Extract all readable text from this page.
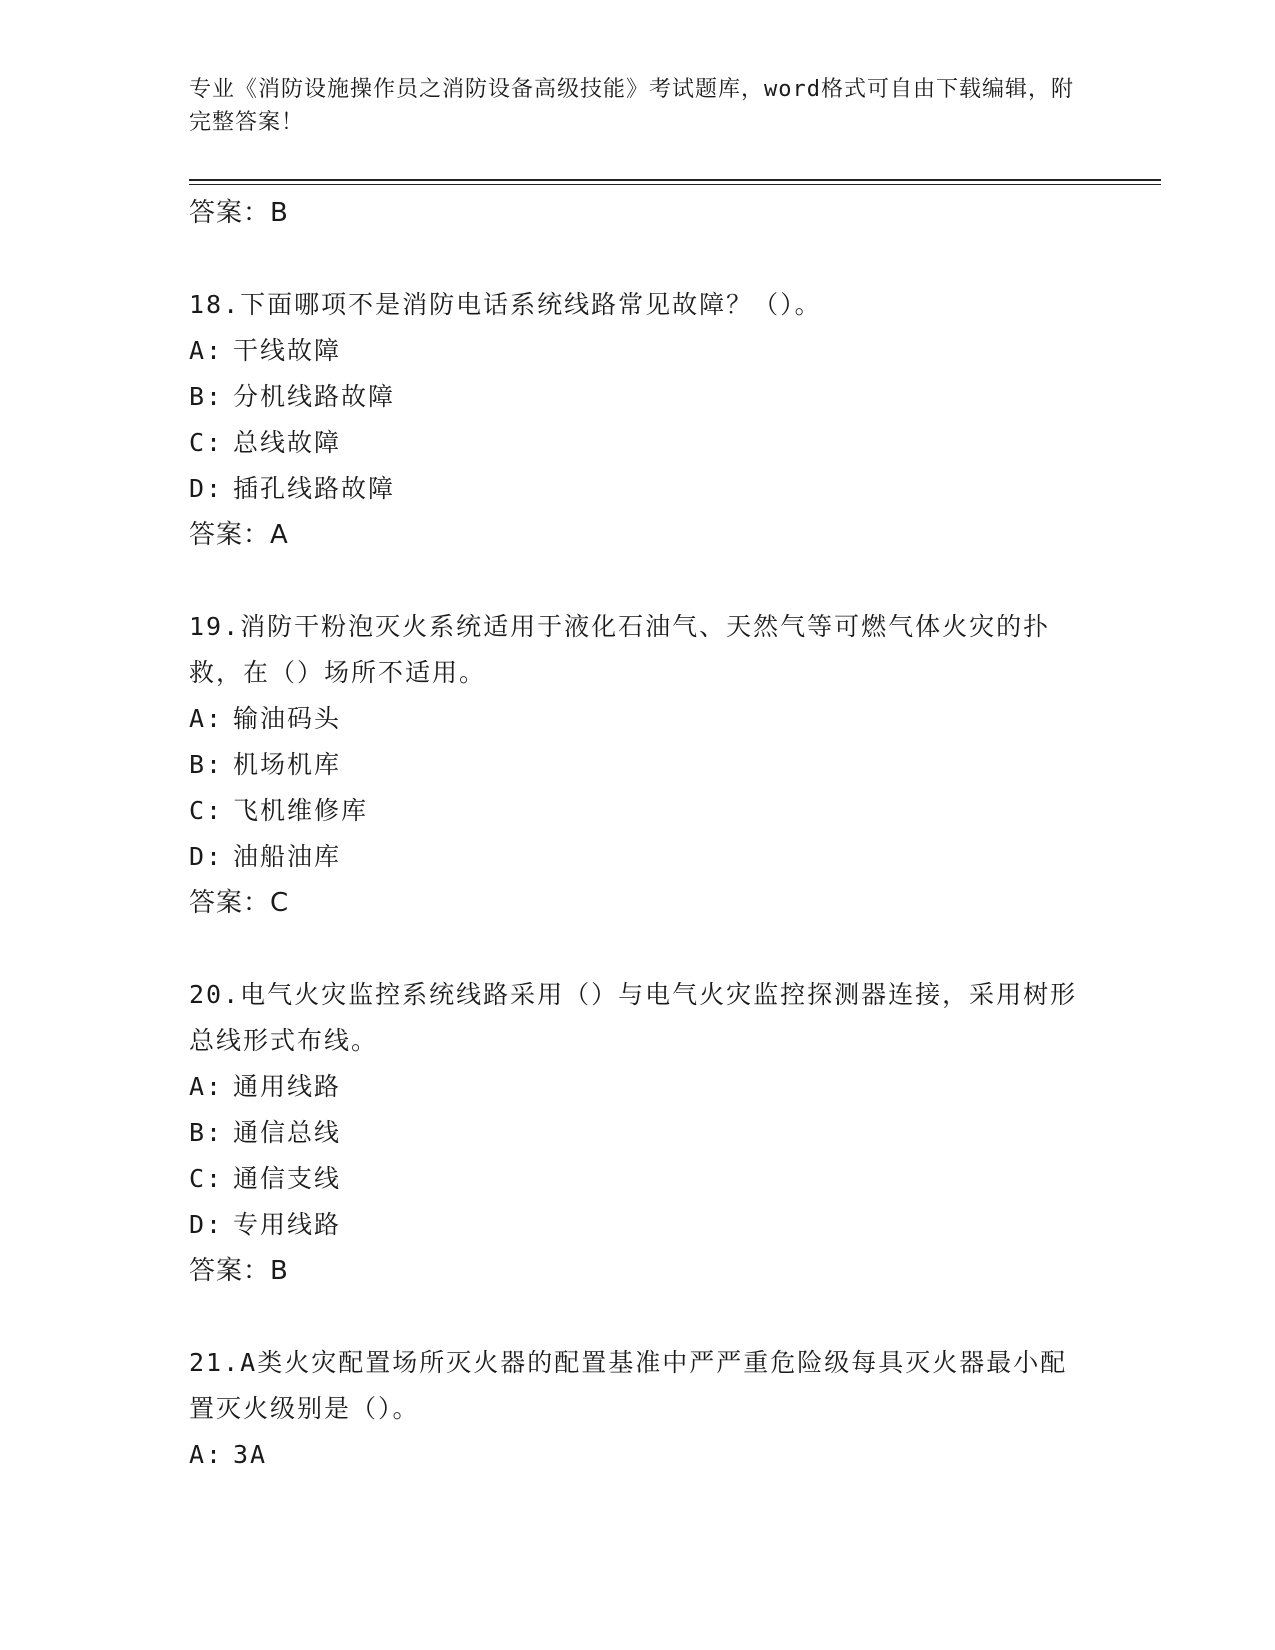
专业《消防设施操作员之消防设备高级技能》考试题库，word格式可自由下载编辑，附完整答案！
答案：B
18.下面哪项不是消防电话系统线路常见故障？（）。
A: 干线故障
B: 分机线路故障
C: 总线故障
D: 插孔线路故障
答案：A
19.消防干粉泡灭火系统适用于液化石油气、天然气等可燃气体火灾的扑救，在（）场所不适用。
A: 输油码头
B: 机场机库
C: 飞机维修库
D: 油船油库
答案：C
20.电气火灾监控系统线路采用（）与电气火灾监控探测器连接，采用树形总线形式布线。
A: 通用线路
B: 通信总线
C: 通信支线
D: 专用线路
答案：B
21.A类火灾配置场所灭火器的配置基准中严严重危险级每具灭火器最小配置灭火级别是（）。
A: 3A
